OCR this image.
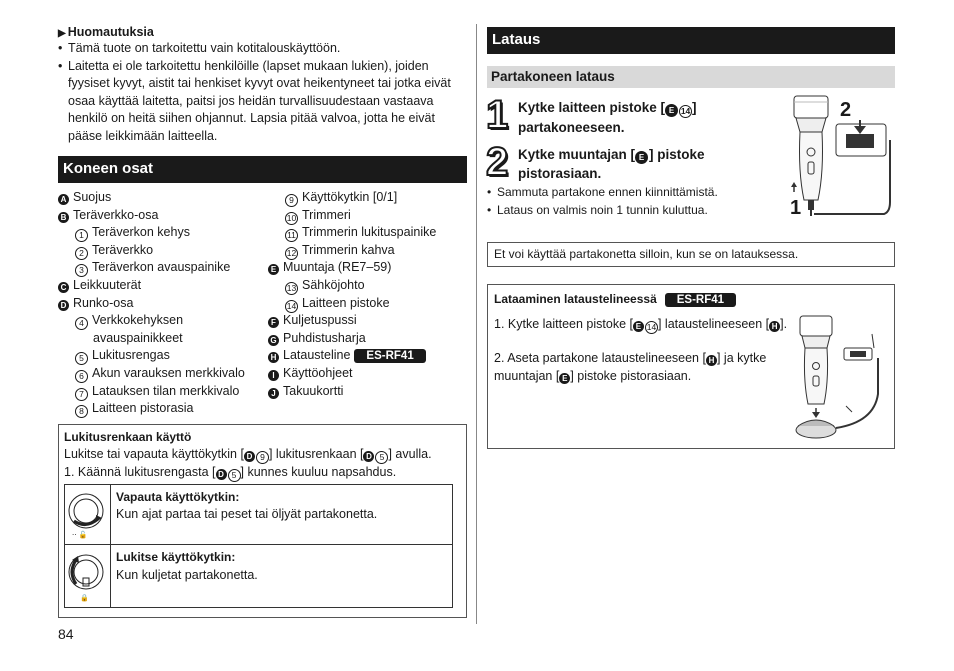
▶ Huomautuksia
• Tämä tuote on tarkoitettu vain kotitalouskäyttöön.
• Laitetta ei ole tarkoitettu henkilöille (lapset mukaan lukien), joiden fyysiset kyvyt, aistit tai henkiset kyvyt ovat heikentyneet tai jotka eivät osaa käyttää laitetta, paitsi jos heidän turvallisuudestaan vastaava henkilö on heitä siihen ohjannut. Lapsia pitää valvoa, jotta he eivät pääse leikkimään laitteella.
Koneen osat
A Suojus
B Teräverkko-osa
1 Teräverkon kehys
2 Teräverkko
3 Teräverkon avauspainike
C Leikkuuterät
D Runko-osa
4 Verkkokehyksen
avauspainikkeet
5 Lukitusrengas
6 Akun varauksen merkkivalo
7 Latauksen tilan merkkivalo
8 Laitteen pistorasia
9 Käyttökytkin [0/1]
10 Trimmeri
11 Trimmerin lukituspainike
12 Trimmerin kahva
E Muuntaja (RE7–59)
13 Sähköjohto
14 Laitteen pistoke
F Kuljetuspussi
G Puhdistusharja
H Latausteline ES-RF41
I Käyttöohjeet
J Takuukortti
Lukitusrenkaan käyttö
Lukitse tai vapauta käyttökytkin [ D 9 ] lukitusrenkaan [ D 5 ] avulla.
1. Käännä lukitusrengasta [ D 5 ] kunnes kuuluu napsahdus.
·· 🔓
Vapauta käyttökytkin:
Kun ajat partaa tai peset tai öljyät partakonetta.
🔒
Lukitse käyttökytkin:
Kun kuljetat partakonetta.
84
Lataus
Partakoneen lataus
1 Kytke laitteen pistoke [ E 14 ] partakoneeseen.
2 Kytke muuntajan [ E ] pistoke pistorasiaan.
• Sammuta partakone ennen kiinnittämistä.
• Lataus on valmis noin 1 tunnin kuluttua.
2
1
Et voi käyttää partakonetta silloin, kun se on latauksessa.
Lataaminen lataustelineessä ES-RF41
1. Kytke laitteen pistoke [ E 14 ] lataustelineeseen [ H ].
2. Aseta partakone lataustelineeseen [ H ] ja kytke muuntajan [ E ] pistoke pistorasiaan.
